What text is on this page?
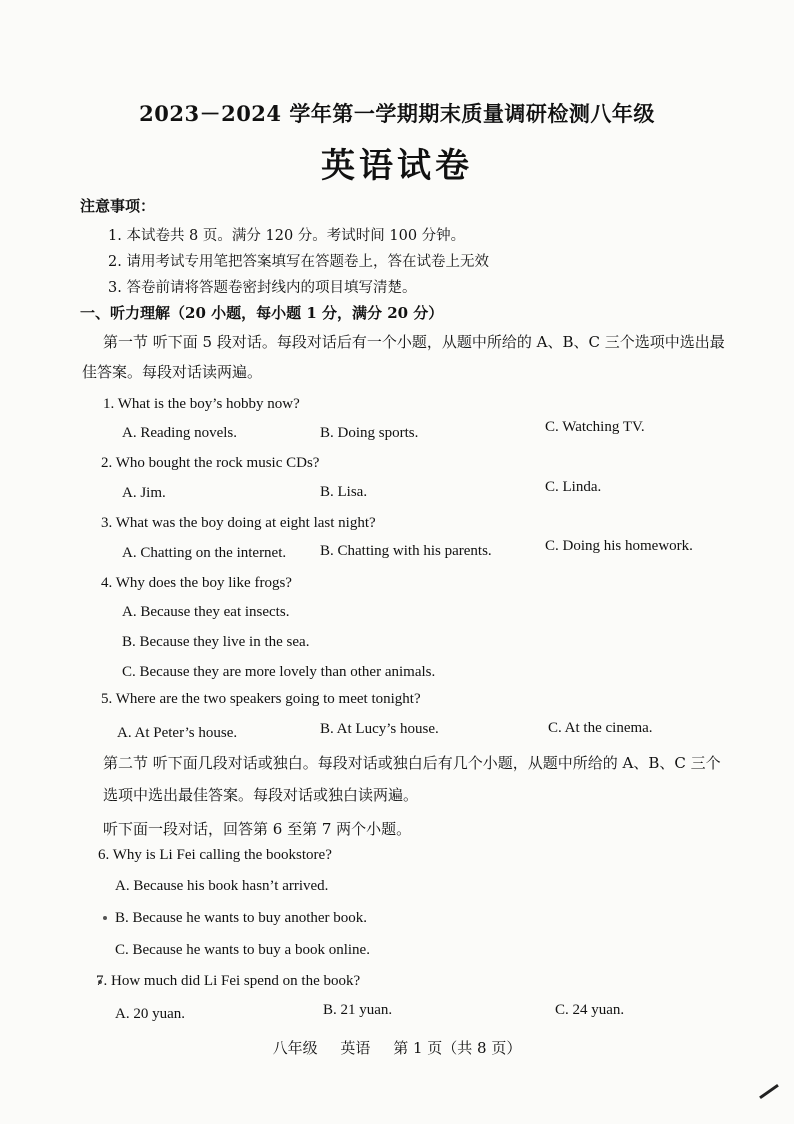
2023－2024 学年第一学期期末质量调研检测八年级
英语试卷
注意事项：
1. 本试卷共 8 页。满分 120 分。考试时间 100 分钟。
2. 请用考试专用笔把答案填写在答题卷上，答在试卷上无效
3. 答卷前请将答题卷密封线内的项目填写清楚。
一、听力理解（20 小题，每小题 1 分，满分 20 分）
第一节 听下面 5 段对话。每段对话后有一个小题，从题中所给的 A、B、C 三个选项中选出最
佳答案。每段对话读两遍。
1. What is the boy’s hobby now?
A. Reading novels.	B. Doing sports.	C. Watching TV.
2. Who bought the rock music CDs?
A. Jim.	B. Lisa.	C. Linda.
3. What was the boy doing at eight last night?
A. Chatting on the internet. B. Chatting with his parents.	C. Doing his homework.
4. Why does the boy like frogs?
A. Because they eat insects.
B. Because they live in the sea.
C. Because they are more lovely than other animals.
5. Where are the two speakers going to meet tonight?
A. At Peter’s house.	B. At Lucy’s house.	C. At the cinema.
第二节 听下面几段对话或独白。每段对话或独白后有几个小题，从题中所给的 A、B、C 三个
选项中选出最佳答案。每段对话或独白读两遍。
听下面一段对话，回答第 6 至第 7 两个小题。
6. Why is Li Fei calling the bookstore?
A. Because his book hasn’t arrived.
B. Because he wants to buy another book.
C. Because he wants to buy a book online.
7. How much did Li Fei spend on the book?
A. 20 yuan.	B. 21 yuan.	C. 24 yuan.
八年级 英语 第 1 页（共 8 页）
